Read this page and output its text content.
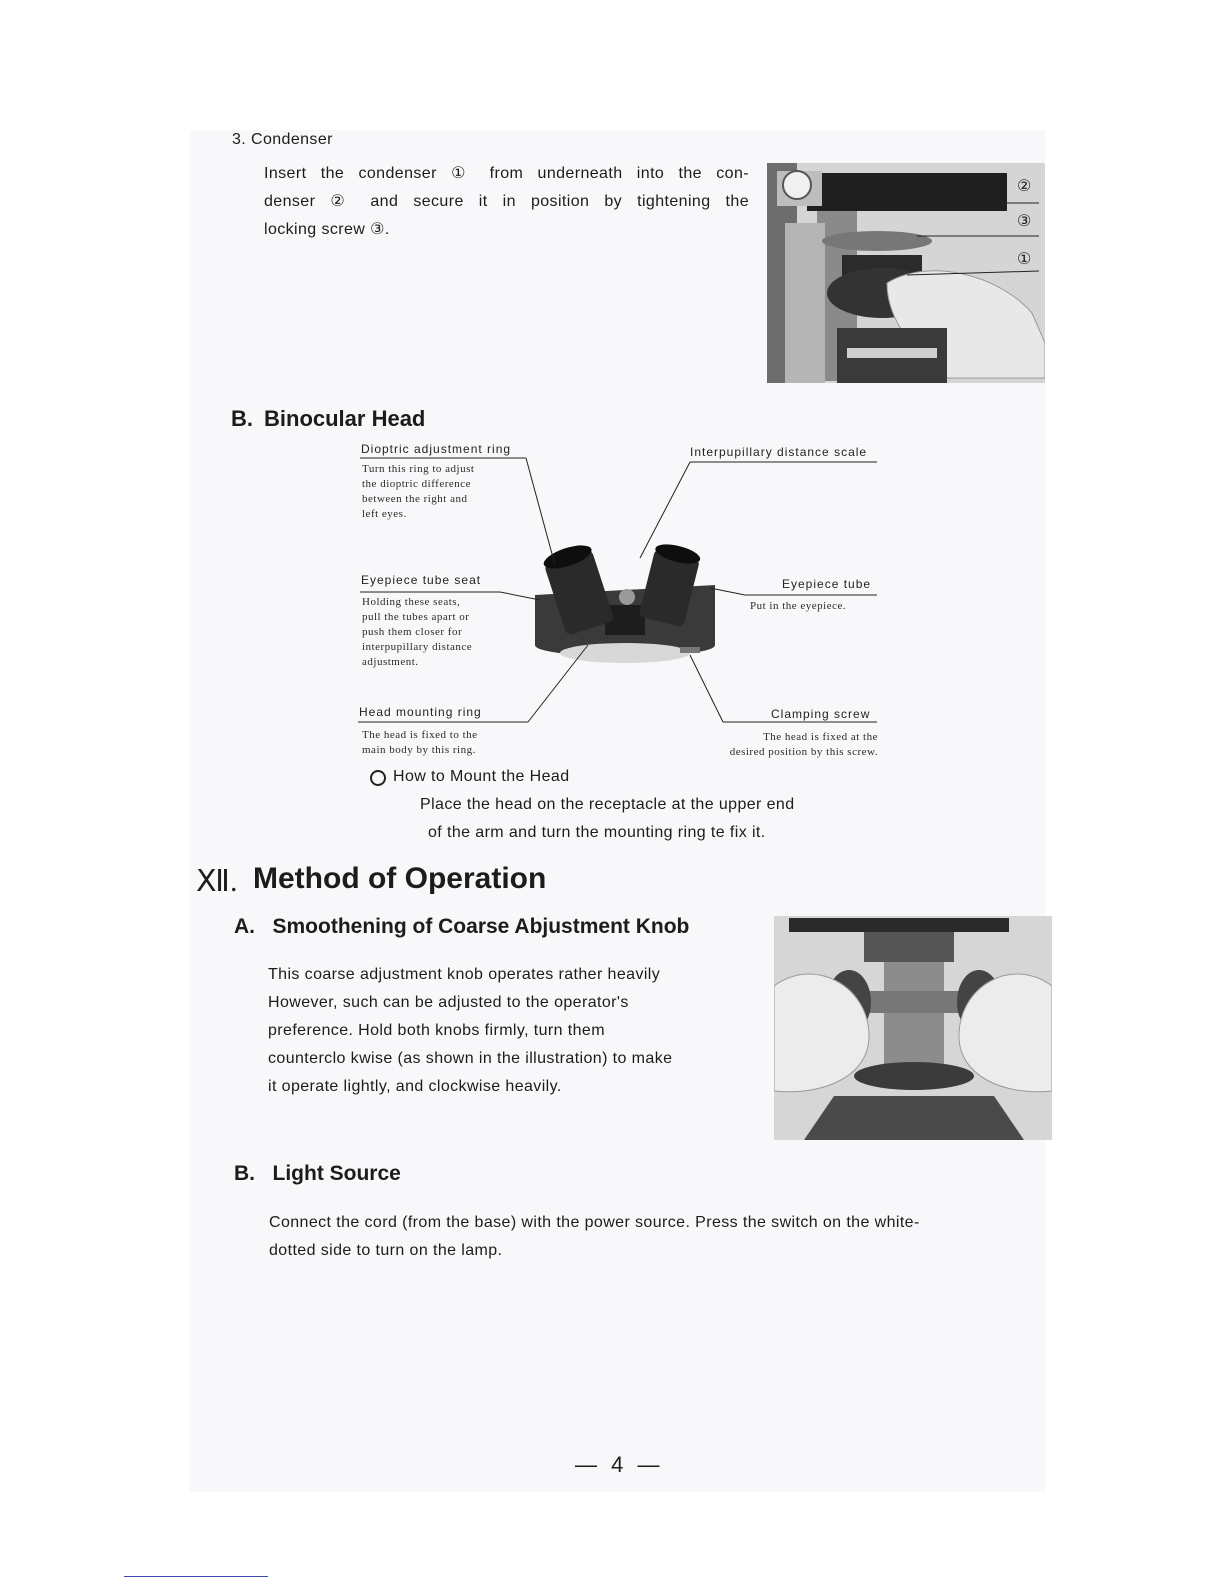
3. Condenser
Insert the condenser ① from underneath into the con-
denser ② and secure it in position by tightening the
locking screw ③.
②
③
①
B. Binocular Head
Dioptric adjustment ring
Turn this ring to adjust
the dioptric difference
between the right and
left eyes.
Interpupillary distance scale
Eyepiece tube seat
Holding these seats,
pull the tubes apart or
push them closer for
interpupillary distance
adjustment.
Eyepiece tube
Put in the eyepiece.
Head mounting ring
The head is fixed to the
main body by this ring.
Clamping screw
The head is fixed at the
desired position by this screw.
How to Mount the Head
Place the head on the receptacle at the upper end
of the arm and turn the mounting ring te fix it.
Ⅻ. Method of Operation
A.   Smoothening of Coarse Abjustment Knob
This coarse adjustment knob operates rather heavily
However, such can be adjusted to the operator's
preference. Hold both knobs firmly, turn them
counterclo kwise (as shown in the illustration) to make
it operate lightly, and clockwise heavily.
B.   Light Source
Connect the cord (from the base) with the power source. Press the switch on the white-
dotted side to turn on the lamp.
— 4 —
